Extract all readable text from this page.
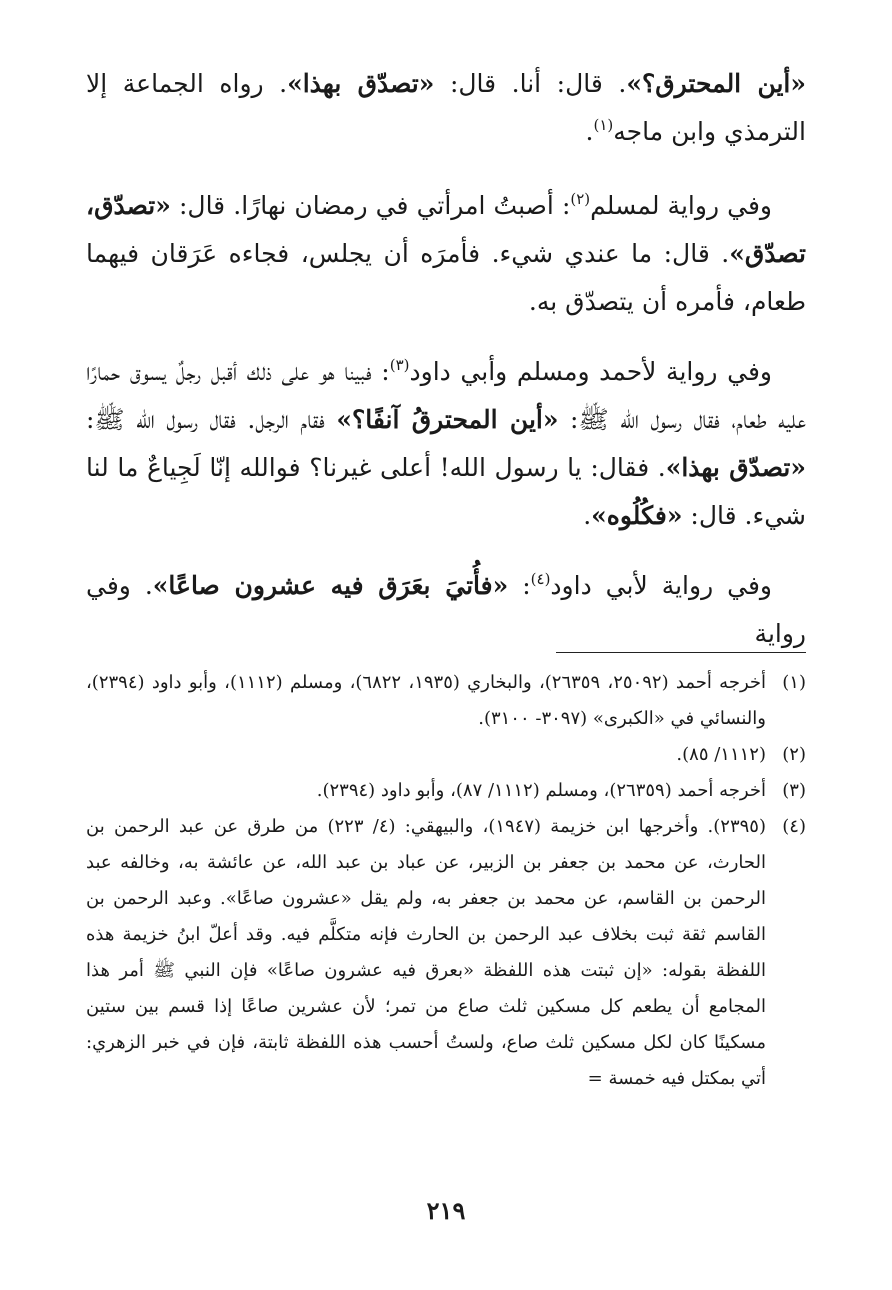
«أين المحترق؟». قال: أنا. قال: «تصدّق بهذا». رواه الجماعة إلا الترمذي وابن ماجه$^{(١)}$.

وفي رواية لمسلم$^{(٢)}$: أصبتُ امرأتي في رمضان نهارًا. قال: «تصدّق، تصدّق». قال: ما عندي شيء. فأمرَه أن يجلس، فجاءه عَرَقان فيهما طعام، فأمره أن يتصدّق به.

وفي رواية لأحمد ومسلم وأبي داود$^{(٣)}$: فبينا هو على ذلك أقبل رجلٌ يسوق حمارًا عليه طعام، فقال رسول الله ﷺ: «أين المحترقُ آنفًا؟» فقام الرجل. فقال رسول الله ﷺ: «تصدّق بهذا». فقال: يا رسول الله! أعلى غيرنا؟ فوالله إنّا لَجِياعٌ ما لنا شيء. قال: «فكُلُوه».

وفي رواية لأبي داود$^{(٤)}$: «فأُتيَ بعَرَق فيه عشرون صاعًا». وفي رواية

(١)
أخرجه أحمد (٢٥٠٩٢، ٢٦٣٥٩)، والبخاري (١٩٣٥، ٦٨٢٢)، ومسلم (١١١٢)، وأبو داود (٢٣٩٤)، والنسائي في «الكبرى» (٣٠٩٧- ٣١٠٠).
(٢)
(١١١٢/ ٨٥).
(٣)
أخرجه أحمد (٢٦٣٥٩)، ومسلم (١١١٢/ ٨٧)، وأبو داود (٢٣٩٤).
(٤)
(٢٣٩٥). وأخرجها ابن خزيمة (١٩٤٧)، والبيهقي: (٤/ ٢٢٣) من طرق عن عبد الرحمن بن الحارث، عن محمد بن جعفر بن الزبير، عن عباد بن عبد الله، عن عائشة به، وخالفه عبد الرحمن بن القاسم، عن محمد بن جعفر به، ولم يقل «عشرون صاعًا». وعبد الرحمن بن القاسم ثقة ثبت بخلاف عبد الرحمن بن الحارث فإنه متكلَّم فيه. وقد أعلّ ابنُ خزيمة هذه اللفظة بقوله: «إن ثبتت هذه اللفظة «بعرق فيه عشرون صاعًا» فإن النبي ﷺ أمر هذا المجامع أن يطعم كل مسكين ثلث صاع من تمر؛ لأن عشرين صاعًا إذا قسم بين ستين مسكينًا كان لكل مسكين ثلث صاع، ولستُ أحسب هذه اللفظة ثابتة، فإن في خبر الزهري: أتي بمكتل فيه خمسة =
٢١٩
